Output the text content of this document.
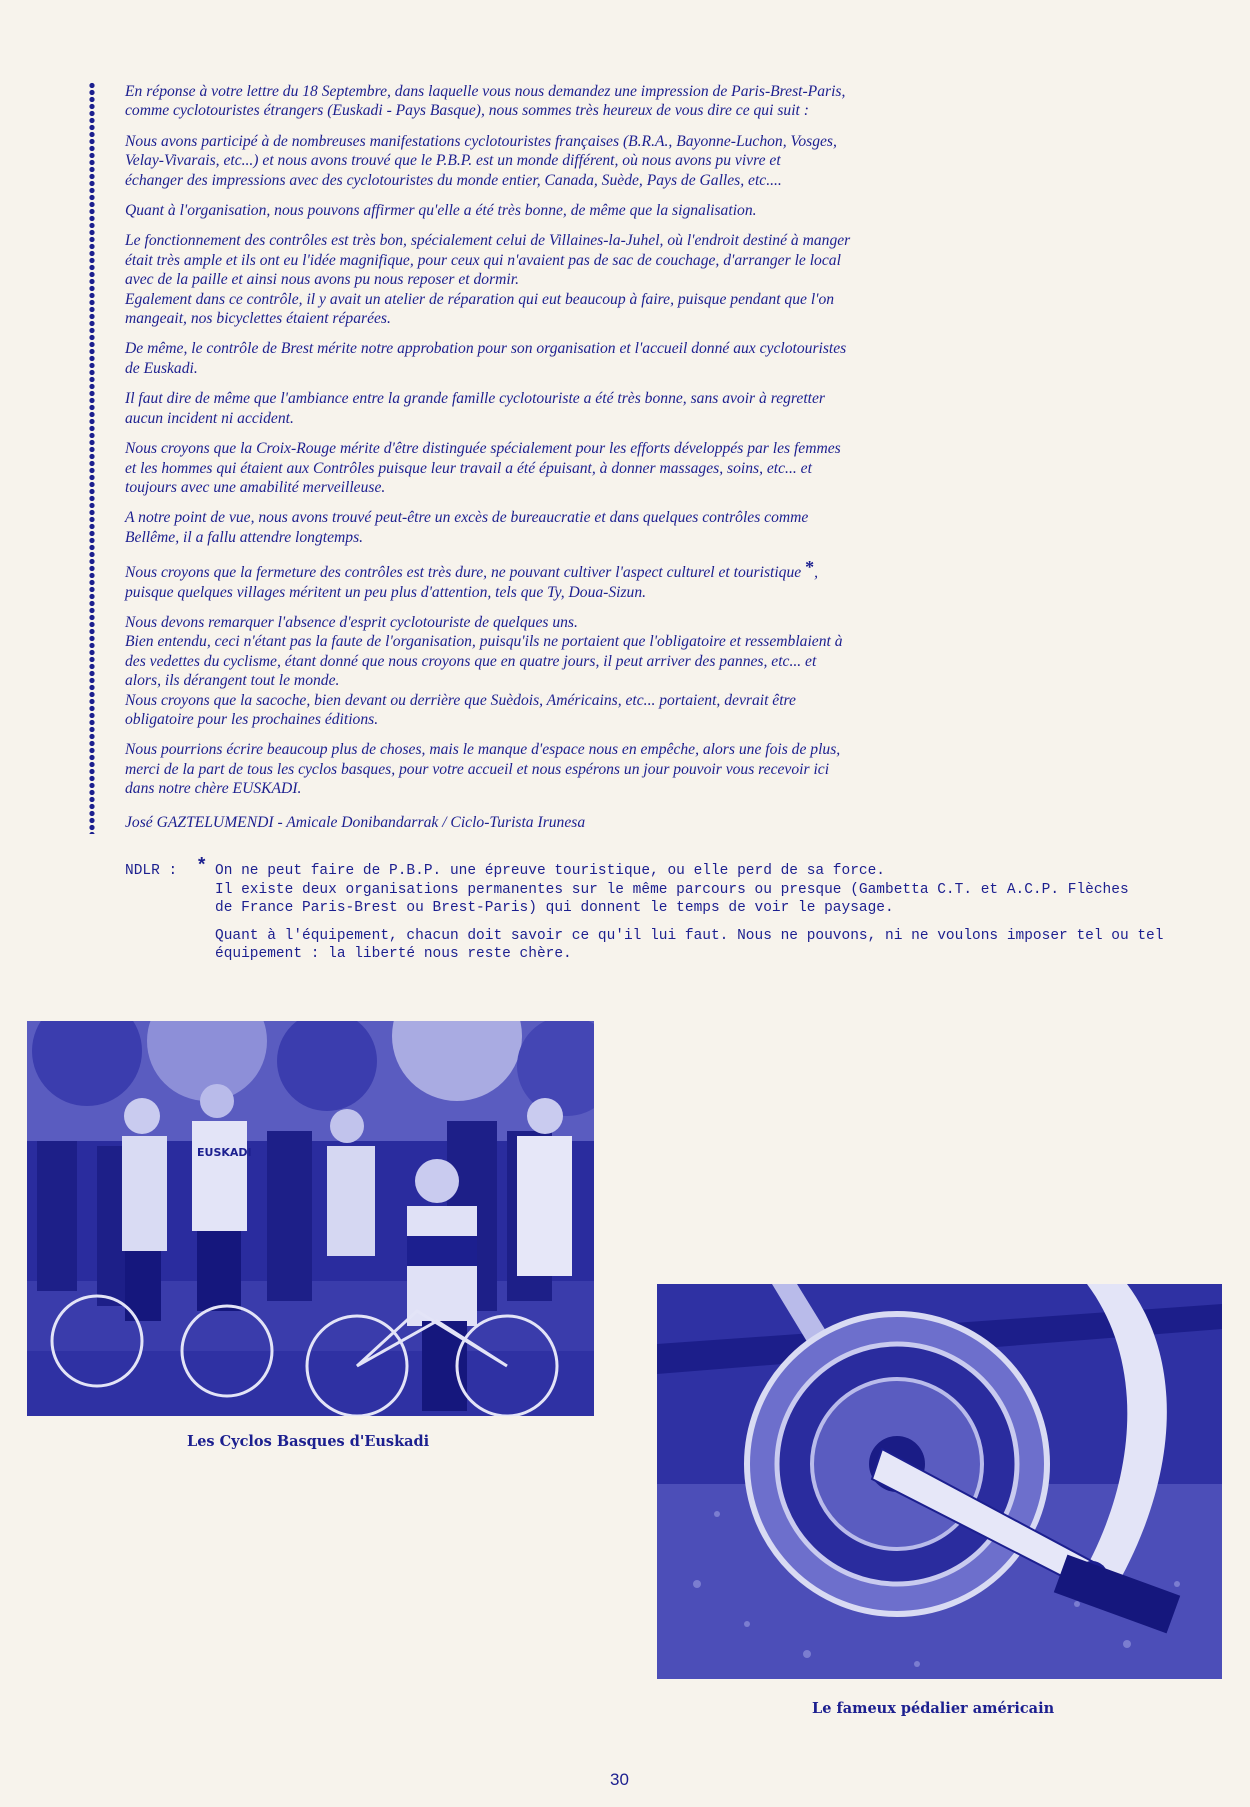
En réponse à votre lettre du 18 Septembre, dans laquelle vous nous demandez une impression de Paris-Brest-Paris,
comme cyclotouristes étrangers (Euskadi - Pays Basque), nous sommes très heureux de vous dire ce qui suit :

Nous avons participé à de nombreuses manifestations cyclotouristes françaises (B.R.A., Bayonne-Luchon, Vosges,
Velay-Vivarais, etc...) et nous avons trouvé que le P.B.P. est un monde différent, où nous avons pu vivre et
échanger des impressions avec des cyclotouristes du monde entier, Canada, Suède, Pays de Galles, etc....

Quant à l'organisation, nous pouvons affirmer qu'elle a été très bonne, de même que la signalisation.

Le fonctionnement des contrôles est très bon, spécialement celui de Villaines-la-Juhel, où l'endroit destiné à manger
était très ample et ils ont eu l'idée magnifique, pour ceux qui n'avaient pas de sac de couchage, d'arranger le local
avec de la paille et ainsi nous avons pu nous reposer et dormir.
Egalement dans ce contrôle, il y avait un atelier de réparation qui eut beaucoup à faire, puisque pendant que l'on
mangeait, nos bicyclettes étaient réparées.

De même, le contrôle de Brest mérite notre approbation pour son organisation et l'accueil donné aux cyclotouristes
de Euskadi.

Il faut dire de même que l'ambiance entre la grande famille cyclotouriste a été très bonne, sans avoir à regretter
aucun incident ni accident.

Nous croyons que la Croix-Rouge mérite d'être distinguée spécialement pour les efforts développés par les femmes
et les hommes qui étaient aux Contrôles puisque leur travail a été épuisant, à donner massages, soins, etc... et
toujours avec une amabilité merveilleuse.

A notre point de vue, nous avons trouvé peut-être un excès de bureaucratie et dans quelques contrôles comme
Bellême, il a fallu attendre longtemps.

Nous croyons que la fermeture des contrôles est très dure, ne pouvant cultiver l'aspect culturel et touristique *,
puisque quelques villages méritent un peu plus d'attention, tels que Ty, Doua-Sizun.

Nous devons remarquer l'absence d'esprit cyclotouriste de quelques uns.
Bien entendu, ceci n'étant pas la faute de l'organisation, puisqu'ils ne portaient que l'obligatoire et ressemblaient à
des vedettes du cyclisme, étant donné que nous croyons que en quatre jours, il peut arriver des pannes, etc... et
alors, ils dérangent tout le monde.
Nous croyons que la sacoche, bien devant ou derrière que Suèdois, Américains, etc... portaient, devrait être
obligatoire pour les prochaines éditions.

Nous pourrions écrire beaucoup plus de choses, mais le manque d'espace nous en empêche, alors une fois de plus,
merci de la part de tous les cyclos basques, pour votre accueil et nous espérons un jour pouvoir vous recevoir ici
dans notre chère EUSKADI.

José GAZTELUMENDI - Amicale Donibandarrak / Ciclo-Turista Irunesa

NDLR : * On ne peut faire de P.B.P. une épreuve touristique, ou elle perd de sa force.
Il existe deux organisations permanentes sur le même parcours ou presque (Gambetta C.T. et A.C.P. Flèches
de France Paris-Brest ou Brest-Paris) qui donnent le temps de voir le paysage.

Quant à l'équipement, chacun doit savoir ce qu'il lui faut. Nous ne pouvons, ni ne voulons imposer tel ou tel
équipement : la liberté nous reste chère.

EUSKADI
Les Cyclos Basques d'Euskadi
Le fameux pédalier américain
30
